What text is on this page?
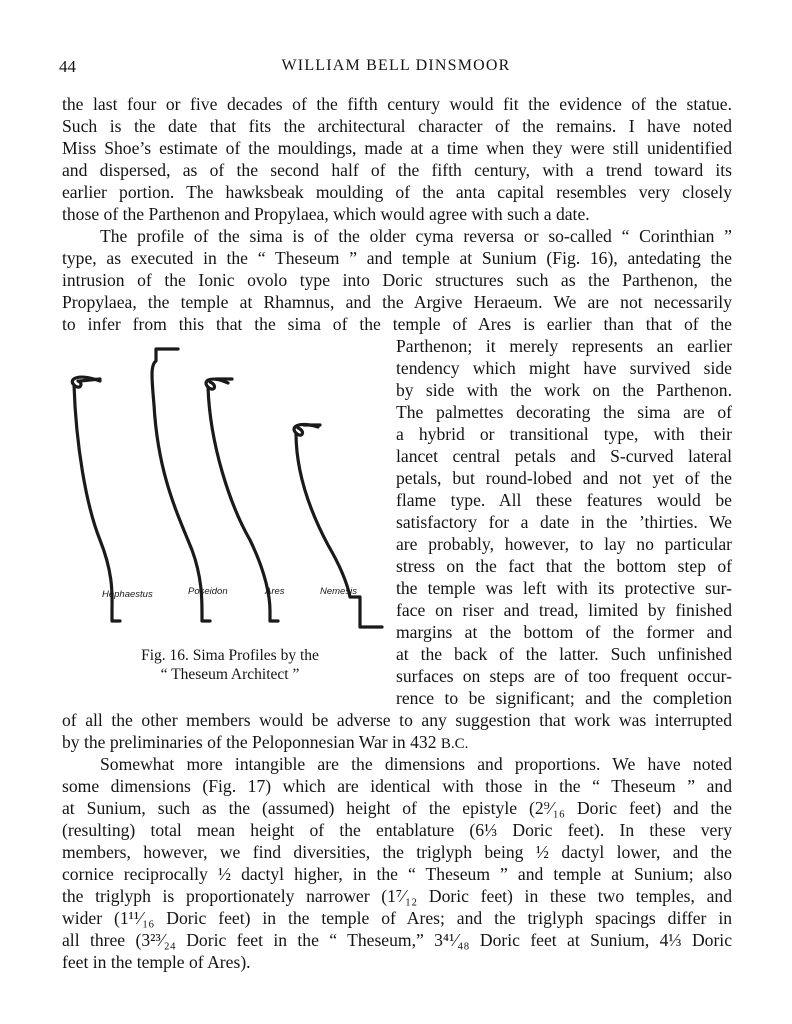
44	WILLIAM BELL DINSMOOR
the last four or five decades of the fifth century would fit the evidence of the statue.
Such is the date that fits the architectural character of the remains. I have noted
Miss Shoe’s estimate of the mouldings, made at a time when they were still unidentified
and dispersed, as of the second half of the fifth century, with a trend toward its
earlier portion. The hawksbeak moulding of the anta capital resembles very closely
those of the Parthenon and Propylaea, which would agree with such a date.
The profile of the sima is of the older cyma reversa or so-called “ Corinthian ”
type, as executed in the “ Theseum ” and temple at Sunium (Fig. 16), antedating the
intrusion of the Ionic ovolo type into Doric structures such as the Parthenon, the
Propylaea, the temple at Rhamnus, and the Argive Heraeum. We are not necessarily
to infer from this that the sima of the temple of Ares is earlier than that of the
Parthenon; it merely represents an earlier
tendency which might have survived side
by side with the work on the Parthenon.
The palmettes decorating the sima are of
a hybrid or transitional type, with their
lancet central petals and S-curved lateral
petals, but round-lobed and not yet of the
flame type. All these features would be
satisfactory for a date in the ’thirties. We
are probably, however, to lay no particular
stress on the fact that the bottom step of
the temple was left with its protective sur-
face on riser and tread, limited by finished
margins at the bottom of the former and
at the back of the latter. Such unfinished
surfaces on steps are of too frequent occur-
rence to be significant; and the completion
Hephaestus	Poseidon	Ares	Nemesis
Fig. 16. Sima Profiles by the
“ Theseum Architect ”
of all the other members would be adverse to any suggestion that work was interrupted
by the preliminaries of the Peloponnesian War in 432 B.C.
Somewhat more intangible are the dimensions and proportions. We have noted
some dimensions (Fig. 17) which are identical with those in the “ Theseum ” and
at Sunium, such as the (assumed) height of the epistyle (2⁹⁄₁₆ Doric feet) and the
(resulting) total mean height of the entablature (6⅓ Doric feet). In these very
members, however, we find diversities, the triglyph being ½ dactyl lower, and the
cornice reciprocally ½ dactyl higher, in the “ Theseum ” and temple at Sunium; also
the triglyph is proportionately narrower (1⁷⁄₁₂ Doric feet) in these two temples, and
wider (1¹¹⁄₁₆ Doric feet) in the temple of Ares; and the triglyph spacings differ in
all three (3²³⁄₂₄ Doric feet in the “ Theseum,” 3⁴¹⁄₄₈ Doric feet at Sunium, 4⅓ Doric
feet in the temple of Ares).
